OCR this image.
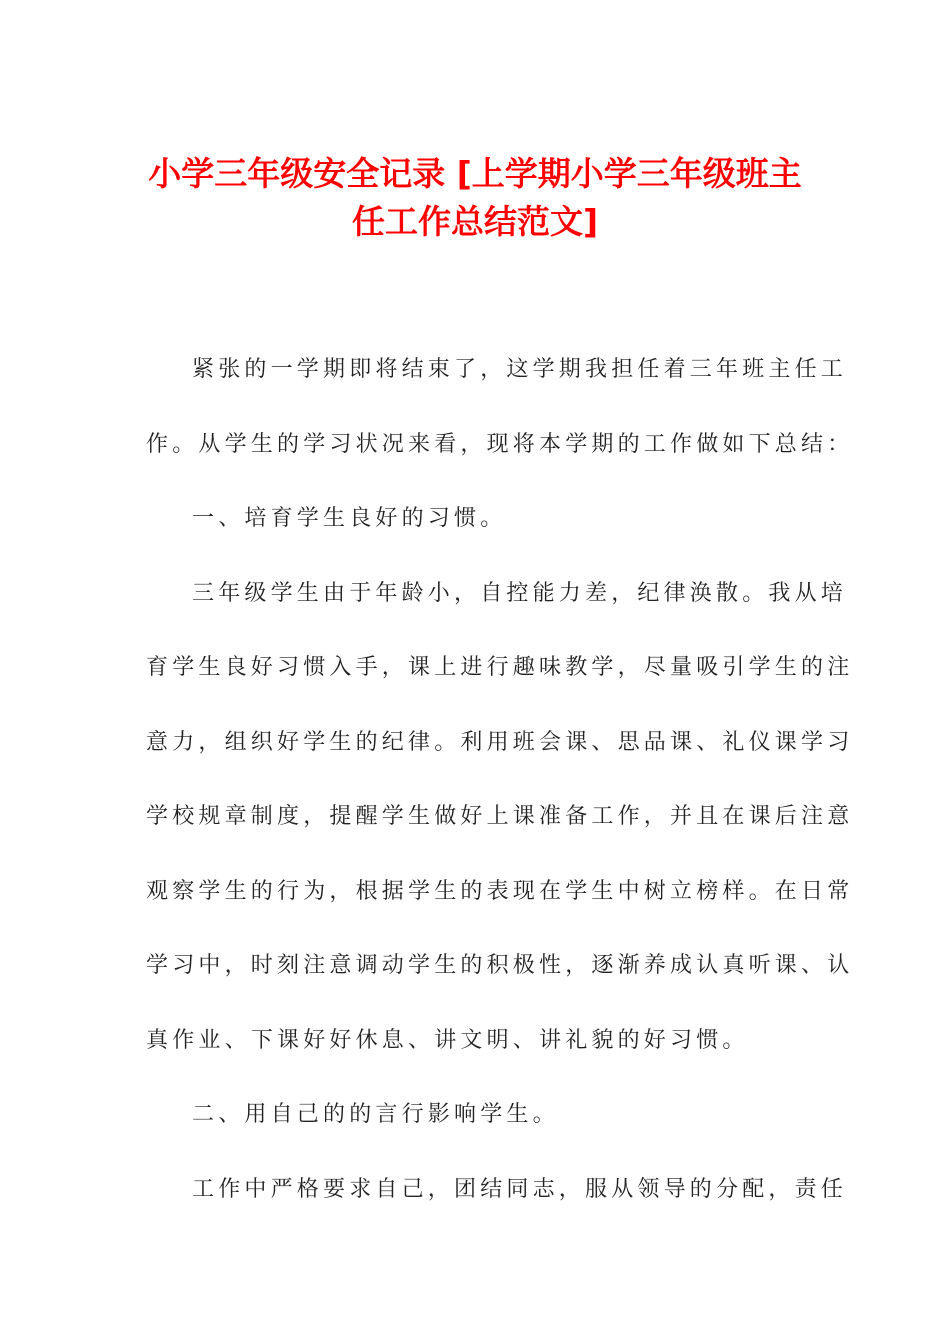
小学三年级安全记录 [上学期小学三年级班主
任工作总结范文]
紧张的一学期即将结束了，这学期我担任着三年班主任工
作。从学生的学习状况来看，现将本学期的工作做如下总结：
一、培育学生良好的习惯。
三年级学生由于年龄小，自控能力差，纪律涣散。我从培
育学生良好习惯入手，课上进行趣味教学，尽量吸引学生的注
意力，组织好学生的纪律。利用班会课、思品课、礼仪课学习
学校规章制度，提醒学生做好上课准备工作，并且在课后注意
观察学生的行为，根据学生的表现在学生中树立榜样。在日常
学习中，时刻注意调动学生的积极性，逐渐养成认真听课、认
真作业、下课好好休息、讲文明、讲礼貌的好习惯。
二、用自己的的言行影响学生。
工作中严格要求自己，团结同志，服从领导的分配，责任
